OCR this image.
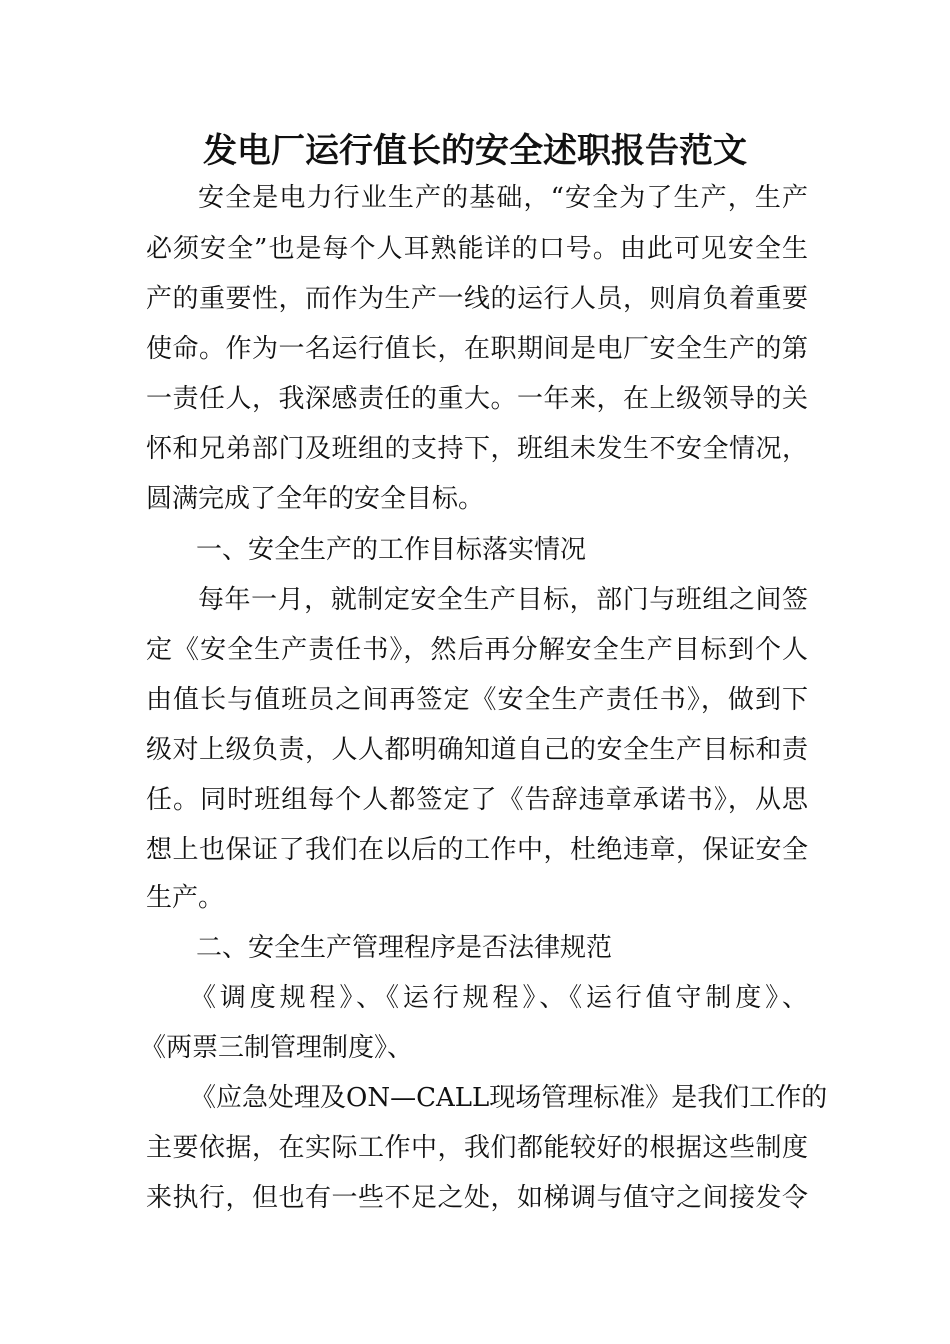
发电厂运行值长的安全述职报告范文

安全是电力行业生产的基础，“安全为了生产，生产

必须安全”也是每个人耳熟能详的口号。由此可见安全生

产的重要性，而作为生产一线的运行人员，则肩负着重要

使命。作为一名运行值长，在职期间是电厂安全生产的第

一责任人，我深感责任的重大。一年来，在上级领导的关

怀和兄弟部门及班组的支持下，班组未发生不安全情况，

圆满完成了全年的安全目标。

一、安全生产的工作目标落实情况

每年一月，就制定安全生产目标，部门与班组之间签

定《安全生产责任书》，然后再分解安全生产目标到个人

由值长与值班员之间再签定《安全生产责任书》，做到下

级对上级负责，人人都明确知道自己的安全生产目标和责

任。同时班组每个人都签定了《告辞违章承诺书》，从思

想上也保证了我们在以后的工作中，杜绝违章，保证安全

生产。

二、安全生产管理程序是否法律规范

《调度规程》、《运行规程》、《运行值守制度》、

《两票三制管理制度》、

《应急处理及ON—CALL现场管理标准》是我们工作的

主要依据，在实际工作中，我们都能较好的根据这些制度

来执行，但也有一些不足之处，如梯调与值守之间接发令
